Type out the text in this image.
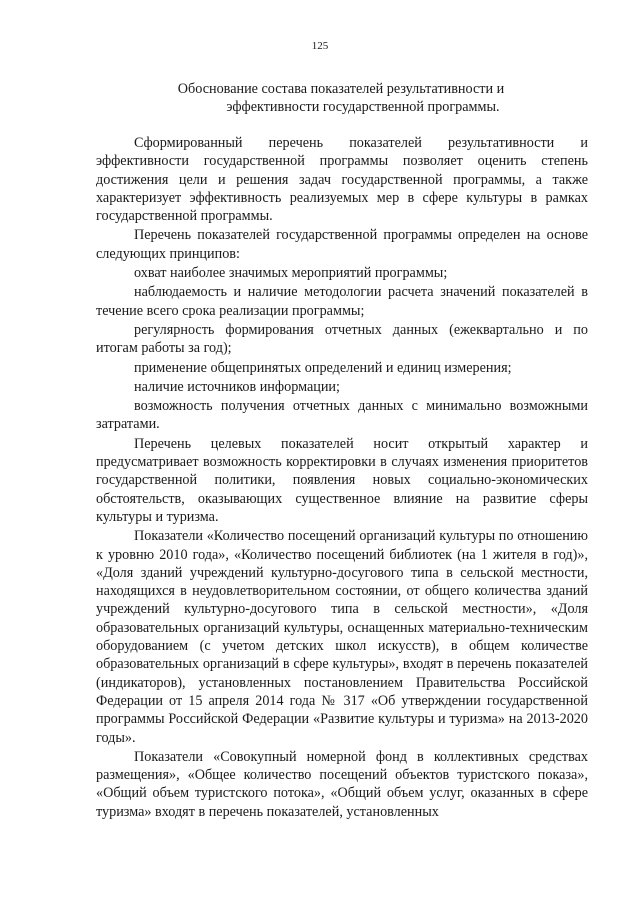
125
Обоснование состава показателей результативности и
эффективности государственной программы.

Сформированный перечень показателей результативности и эффективности государственной программы позволяет оценить степень достижения цели и решения задач государственной программы, а также характеризует эффективность реализуемых мер в сфере культуры в рамках государственной программы.

Перечень показателей государственной программы определен на основе следующих принципов:

охват наиболее значимых мероприятий программы;

наблюдаемость и наличие методологии расчета значений показателей в течение всего срока реализации программы;

регулярность формирования отчетных данных (ежеквартально и по итогам работы за год);

применение общепринятых определений и единиц измерения;

наличие источников информации;

возможность получения отчетных данных с минимально возможными затратами.

Перечень целевых показателей носит открытый характер и предусматривает возможность корректировки в случаях изменения приоритетов государственной политики, появления новых социально-экономических обстоятельств, оказывающих существенное влияние на развитие сферы культуры и туризма.

Показатели «Количество посещений организаций культуры по отношению к уровню 2010 года», «Количество посещений библиотек (на 1 жителя в год)», «Доля зданий учреждений культурно-досугового типа в сельской местности, находящихся в неудовлетворительном состоянии, от общего количества зданий учреждений культурно-досугового типа в сельской местности», «Доля образовательных организаций культуры, оснащенных материально-техническим оборудованием (с учетом детских школ искусств), в общем количестве образовательных организаций в сфере культуры», входят в перечень показателей (индикаторов), установленных постановлением Правительства Российской Федерации от 15 апреля 2014 года № 317 «Об утверждении государственной программы Российской Федерации «Развитие культуры и туризма» на 2013-2020 годы».

Показатели «Совокупный номерной фонд в коллективных средствах размещения», «Общее количество посещений объектов туристского показа», «Общий объем туристского потока», «Общий объем услуг, оказанных в сфере туризма» входят в перечень показателей, установленных
